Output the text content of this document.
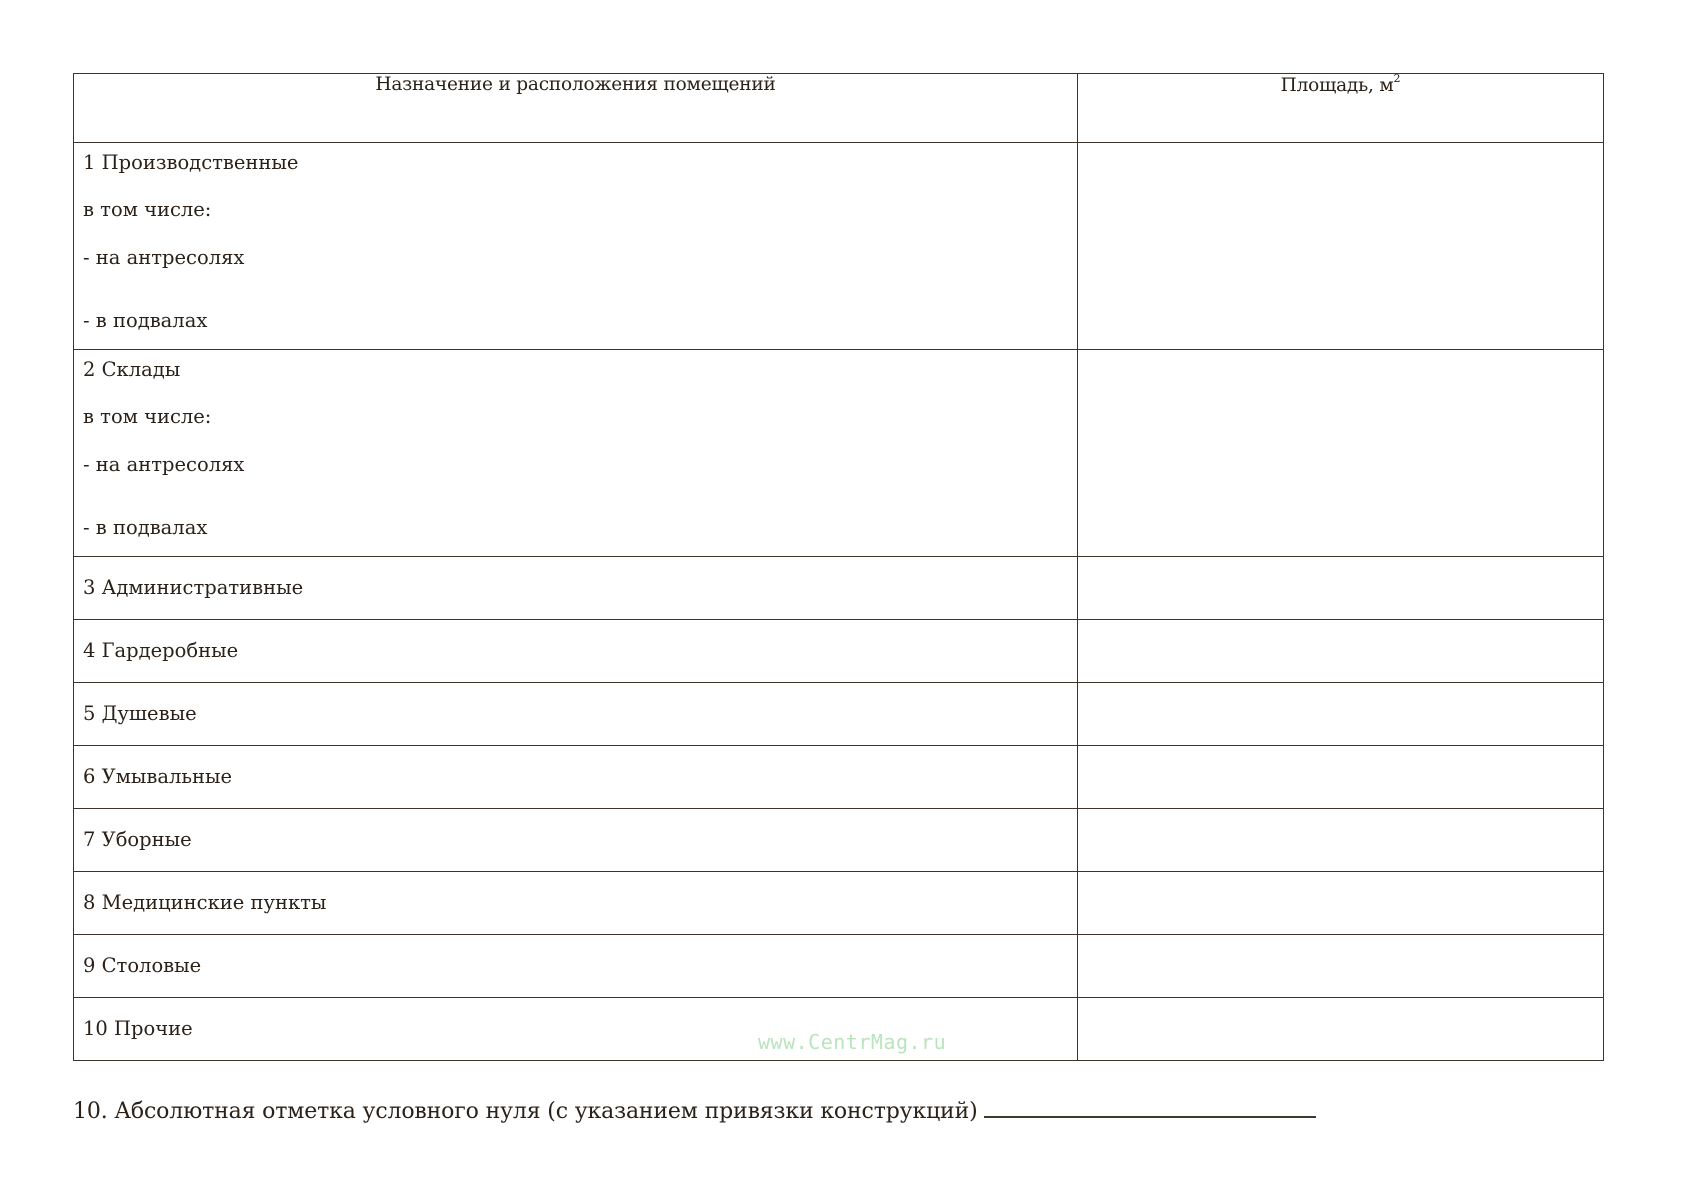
Назначение и расположения помещений	Площадь, $м^2$

1 Производственные
в том числе:
- на антресолях
- в подвалах	

2 Склады
в том числе:
- на антресолях
- в подвалах	

3 Административные	
4 Гардеробные	
5 Душевые	
6 Умывальные	
7 Уборные	
8 Медицинские пункты	
9 Столовые	
10 Прочие	
www.CentrMag.ru
10. Абсолютная отметка условного нуля (с указанием привязки конструкций)
